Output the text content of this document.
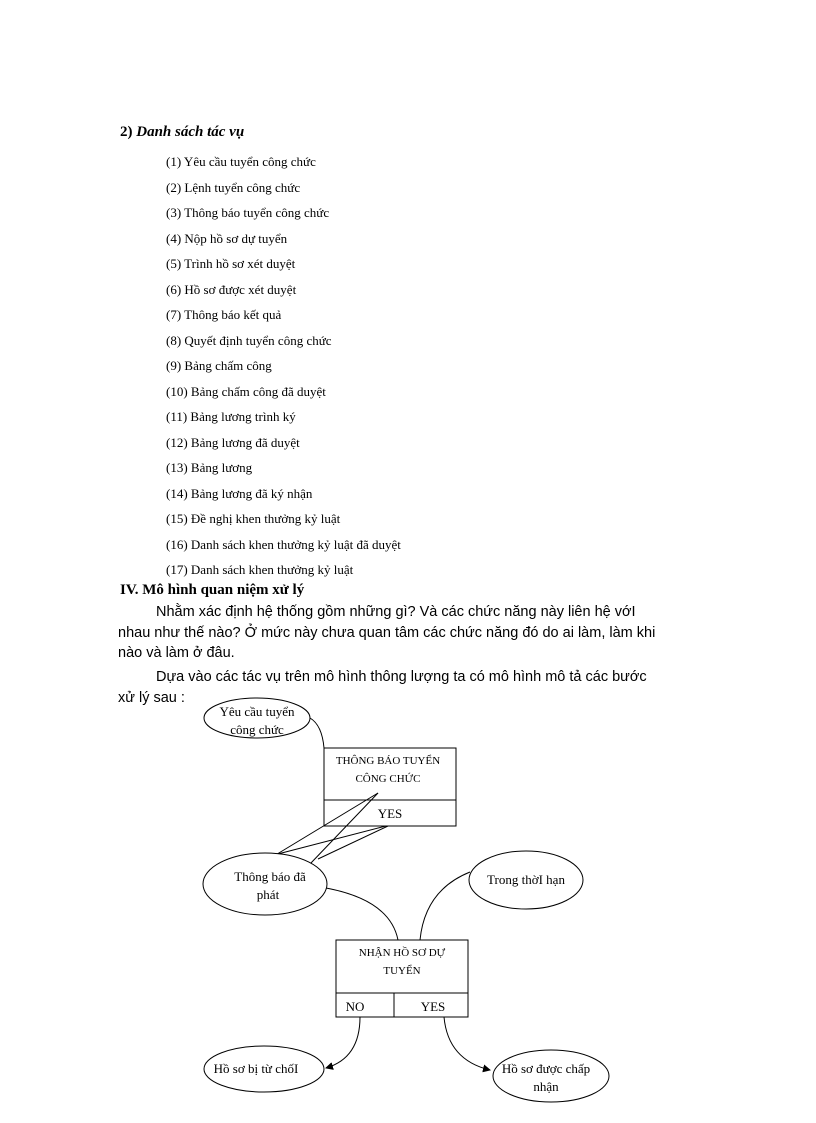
2) Danh sách tác vụ
(1) Yêu cầu tuyển công chức
(2) Lệnh tuyển công chức
(3) Thông báo tuyển công chức
(4) Nộp hồ sơ dự tuyển
(5) Trình hồ sơ xét duyệt
(6) Hồ sơ được xét duyệt
(7) Thông báo kết quả
(8) Quyết định tuyển công chức
(9) Bảng chấm công
(10) Bảng chấm công đã duyệt
(11) Bảng lương trình ký
(12) Bảng lương đã duyệt
(13) Bảng lương
(14) Bảng lương đã ký nhận
(15) Đề nghị khen thưởng kỷ luật
(16) Danh sách khen thưởng kỷ luật đã duyệt
(17) Danh sách khen thưởng kỷ luật
IV. Mô hình quan niệm xử lý
Nhằm xác định hệ thống gồm những gì? Và các chức năng này liên hệ vớI
nhau như thế nào? Ở mức này chưa quan tâm các chức năng đó do ai làm, làm khi
nào và làm ở đâu.
Dựa vào các tác vụ trên mô hình thông lượng ta có mô hình mô tả các bước
xử lý sau :
Yêu cầu tuyển
công chức
THÔNG BÁO TUYỂN
CÔNG CHỨC
YES
Thông báo đã
phát
Trong thờI hạn
NHẬN HỒ SƠ DỰ
TUYỂN
NO	YES
Hồ sơ bị từ chốI	Hồ sơ được chấp
nhận
